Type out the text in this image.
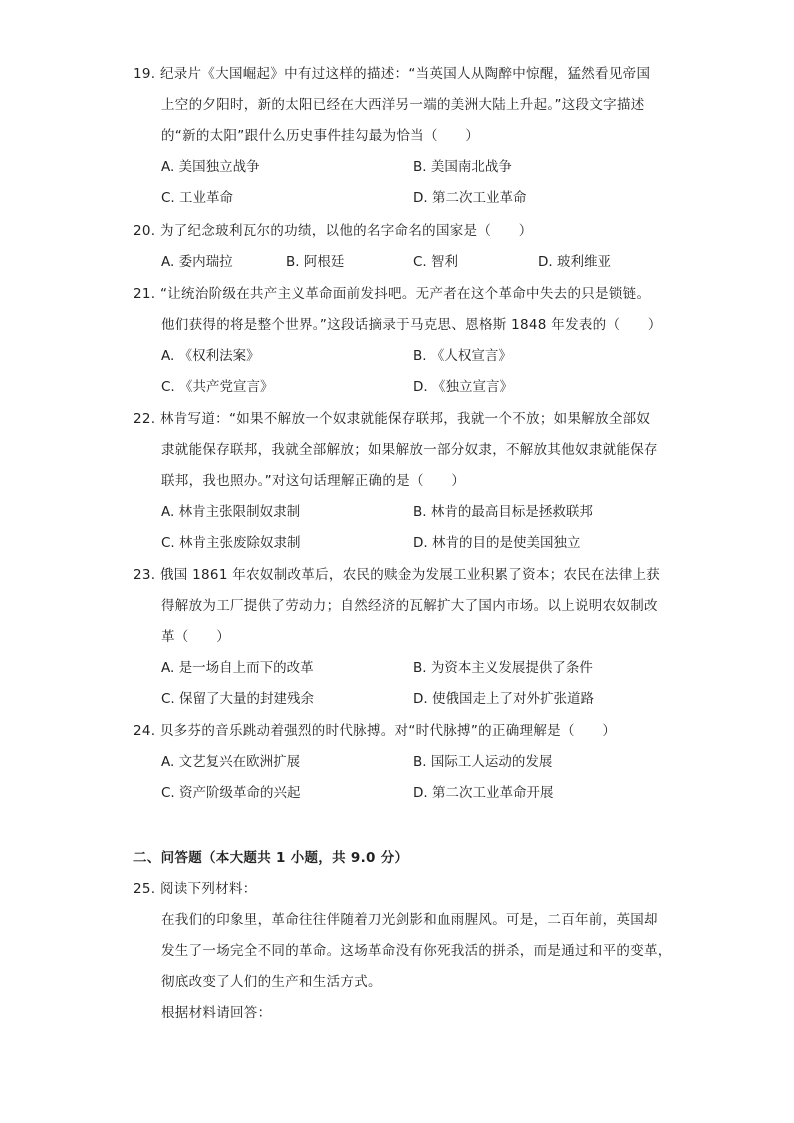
19. 纪录片《大国崛起》中有过这样的描述：“当英国人从陶醉中惊醒，猛然看见帝国
上空的夕阳时，新的太阳已经在大西洋另一端的美洲大陆上升起。”这段文字描述
的“新的太阳”跟什么历史事件挂勾最为恰当（　　）
A. 美国独立战争	B. 美国南北战争
C. 工业革命	D. 第二次工业革命
20. 为了纪念玻利瓦尔的功绩，以他的名字命名的国家是（　　）
A. 委内瑞拉	B. 阿根廷	C. 智利	D. 玻利维亚
21. “让统治阶级在共产主义革命面前发抖吧。无产者在这个革命中失去的只是锁链。
他们获得的将是整个世界。”这段话摘录于马克思、恩格斯 1848 年发表的（　　）
A. 《权利法案》	B. 《人权宣言》
C. 《共产党宣言》	D. 《独立宣言》
22. 林肯写道：“如果不解放一个奴隶就能保存联邦，我就一个不放；如果解放全部奴
隶就能保存联邦，我就全部解放；如果解放一部分奴隶，不解放其他奴隶就能保存
联邦，我也照办。”对这句话理解正确的是（　　）
A. 林肯主张限制奴隶制	B. 林肯的最高目标是拯救联邦
C. 林肯主张废除奴隶制	D. 林肯的目的是使美国独立
23. 俄国 1861 年农奴制改革后，农民的赎金为发展工业积累了资本；农民在法律上获
得解放为工厂提供了劳动力；自然经济的瓦解扩大了国内市场。以上说明农奴制改
革（　　）
A. 是一场自上而下的改革	B. 为资本主义发展提供了条件
C. 保留了大量的封建残余	D. 使俄国走上了对外扩张道路
24. 贝多芬的音乐跳动着强烈的时代脉搏。对“时代脉搏”的正确理解是（　　）
A. 文艺复兴在欧洲扩展	B. 国际工人运动的发展
C. 资产阶级革命的兴起	D. 第二次工业革命开展
二、问答题（本大题共 1 小题，共 9.0 分）
25. 阅读下列材料：
在我们的印象里，革命往往伴随着刀光剑影和血雨腥风。可是，二百年前，英国却
发生了一场完全不同的革命。这场革命没有你死我活的拼杀，而是通过和平的变革，
彻底改变了人们的生产和生活方式。
根据材料请回答：
